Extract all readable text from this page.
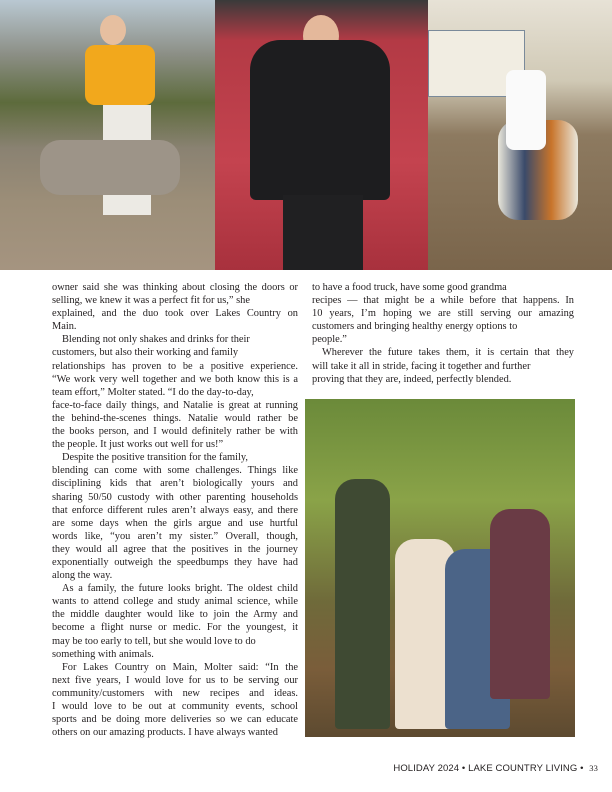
owner said she was thinking about closing the doors or
selling, we knew it was a perfect fit for us,” she
explained, and the duo took over Lakes Country on
Main.
Blending not only shakes and drinks for their
customers, but also their working and family
relationships has proven to be a positive experience.
“We work very well together and we both know this is a
team effort,” Molter stated. “I do the day-to-day,
face-to-face daily things, and Natalie is great at running
the behind-the-scenes things. Natalie would rather be
the books person, and I would definitely rather be with
the people. It just works out well for us!”
Despite the positive transition for the family,
blending can come with some challenges. Things like
disciplining kids that aren’t biologically yours and
sharing 50/50 custody with other parenting households
that enforce different rules aren’t always easy, and there
are some days when the girls argue and use hurtful
words like, “you aren’t my sister.” Overall, though,
they would all agree that the positives in the journey
exponentially outweigh the speedbumps they have had
along the way.
As a family, the future looks bright. The oldest child
wants to attend college and study animal science, while
the middle daughter would like to join the Army and
become a flight nurse or medic. For the youngest, it
may be too early to tell, but she would love to do
something with animals.
For Lakes Country on Main, Molter said: “In the
next five years, I would love for us to be serving our
community/customers with new recipes and ideas.
I would love to be out at community events, school
sports and be doing more deliveries so we can educate
others on our amazing products. I have always wanted
to have a food truck, have some good grandma
recipes — that might be a while before that happens. In
10 years, I’m hoping we are still serving our amazing
customers and bringing healthy energy options to
people.”
Wherever the future takes them, it is certain that they
will take it all in stride, facing it together and further
proving that they are, indeed, perfectly blended.
HOLIDAY 2024 • LAKE COUNTRY LIVING • 33
